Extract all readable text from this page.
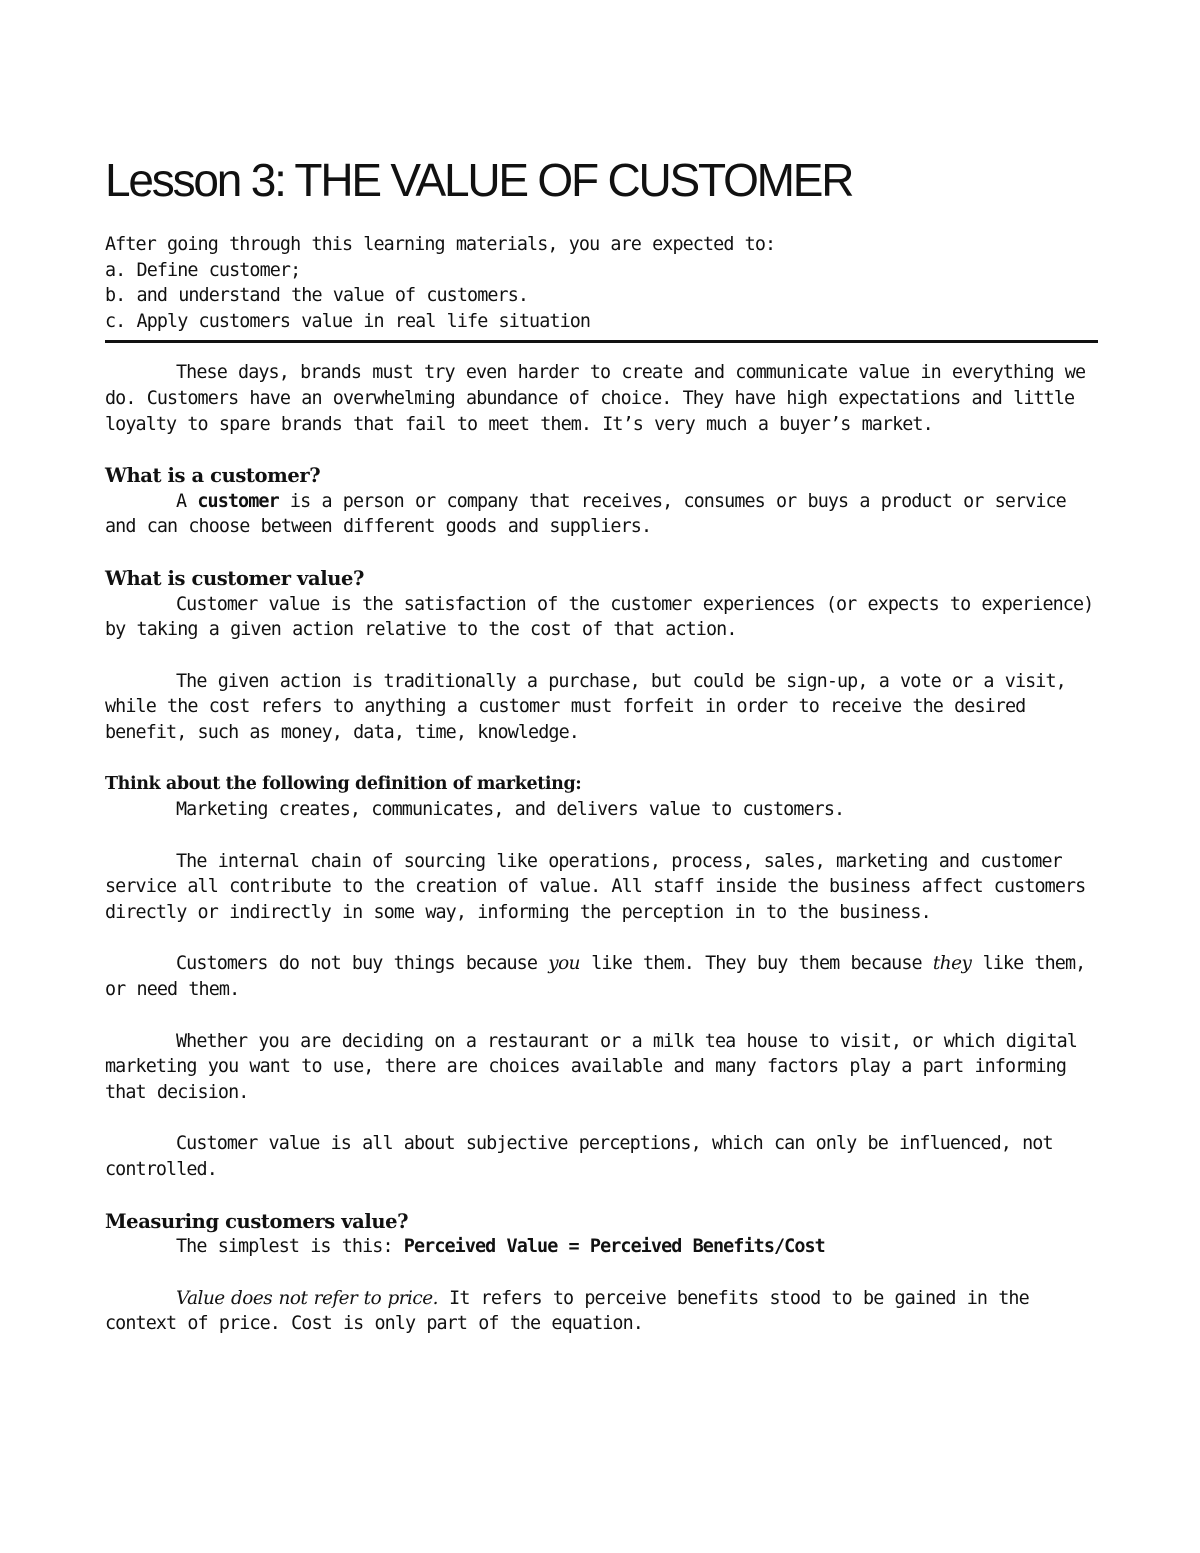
Lesson 3: THE VALUE OF CUSTOMER
After going through this learning materials, you are expected to:
a. Define customer;
b. and understand the value of customers.
c. Apply customers value in real life situation

These days, brands must try even harder to create and communicate value in everything we do. Customers have an overwhelming abundance of choice. They have high expectations and little loyalty to spare brands that fail to meet them. It’s very much a buyer’s market.

What is a customer?

A customer is a person or company that receives, consumes or buys a product or service and can choose between different goods and suppliers.

What is customer value?

Customer value is the satisfaction of the customer experiences (or expects to experience) by taking a given action relative to the cost of that action.

The given action is traditionally a purchase, but could be sign-up, a vote or a visit, while the cost refers to anything a customer must forfeit in order to receive the desired benefit, such as money, data, time, knowledge.

Think about the following definition of marketing:

Marketing creates, communicates, and delivers value to customers.

The internal chain of sourcing like operations, process, sales, marketing and customer service all contribute to the creation of value. All staff inside the business affect customers directly or indirectly in some way, informing the perception in to the business.

Customers do not buy things because you like them. They buy them because they like them, or need them.

Whether you are deciding on a restaurant or a milk tea house to visit, or which digital marketing you want to use, there are choices available and many factors play a part informing that decision.

Customer value is all about subjective perceptions, which can only be influenced, not controlled.

Measuring customers value?

The simplest is this: Perceived Value = Perceived Benefits/Cost

Value does not refer to price. It refers to perceive benefits stood to be gained in the context of price. Cost is only part of the equation.
